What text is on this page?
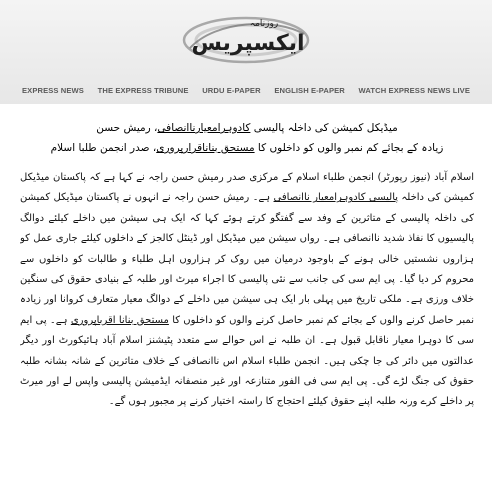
روزنامہ
ایکسپریس
EXPRESS NEWS THE EXPRESS TRIBUNE URDU E-PAPER ENGLISH E-PAPER WATCH EXPRESS NEWS LIVE

میڈیکل کمیشن کی داخلہ پالیسی کادوہرامعیارناانصافی، رمیش حسن

زیادہ کے بجائے کم نمبر والوں کو داخلوں کا مستحق بناناقرارپروری، صدر انجمن طلبا اسلام

اسلام آباد (نیوز رپورٹر) انجمن طلباء اسلام کے مرکزی صدر رمیش حسن راجہ نے کہا ہے کہ پاکستان میڈیکل کمیشن کی داخلہ پالیسی کادوہرامعیار ناانصافی ہے۔ رمیش حسن راجہ نے انہوں نے پاکستان میڈیکل کمیشن کی داخلہ پالیسی کے متاثرین کے وفد سے گفتگو کرتے ہوئے کہا کہ ایک ہی سیشن میں داخلے کیلئے دوالگ پالیسیوں کا نفاذ شدید ناانصافی ہے۔ رواں سیشن میں میڈیکل اور ڈینٹل کالجز کے داخلوں کیلئے جاری عمل کو ہزاروں نشستیں خالی ہونے کے باوجود درمیان میں روک کر ہزاروں اہل طلباء و طالبات کو داخلوں سے محروم کر دیا گیا۔ پی ایم سی کی جانب سے نئی پالیسی کا اجراء میرٹ اور طلبہ کے بنیادی حقوق کی سنگین خلاف ورزی ہے۔ ملکی تاریخ میں پہلی بار ایک ہی سیشن میں داخلے کے دوالگ معیار متعارف کروانا اور زیادہ نمبر حاصل کرنے والوں کے بجائے کم نمبر حاصل کرنے والوں کو داخلوں کا مستحق بنانا اقرباپروری ہے۔ پی ایم سی کا دوہرا معیار ناقابل قبول ہے۔ ان طلبہ نے اس حوالے سے متعدد پٹیشنز اسلام آباد ہائیکورٹ اور دیگر عدالتوں میں دائر کی جا چکی ہیں۔ انجمن طلباء اسلام اس ناانصافی کے خلاف متاثرین کے شانہ بشانہ طلبہ حقوق کی جنگ لڑے گی۔ پی ایم سی فی الفور متنازعہ اور غیر منصفانہ ایڈمیشن پالیسی واپس لے اور میرٹ پر داخلے کرے ورنہ طلبہ اپنے حقوق کیلئے احتجاج کا راستہ اختیار کرنے پر مجبور ہوں گے۔
